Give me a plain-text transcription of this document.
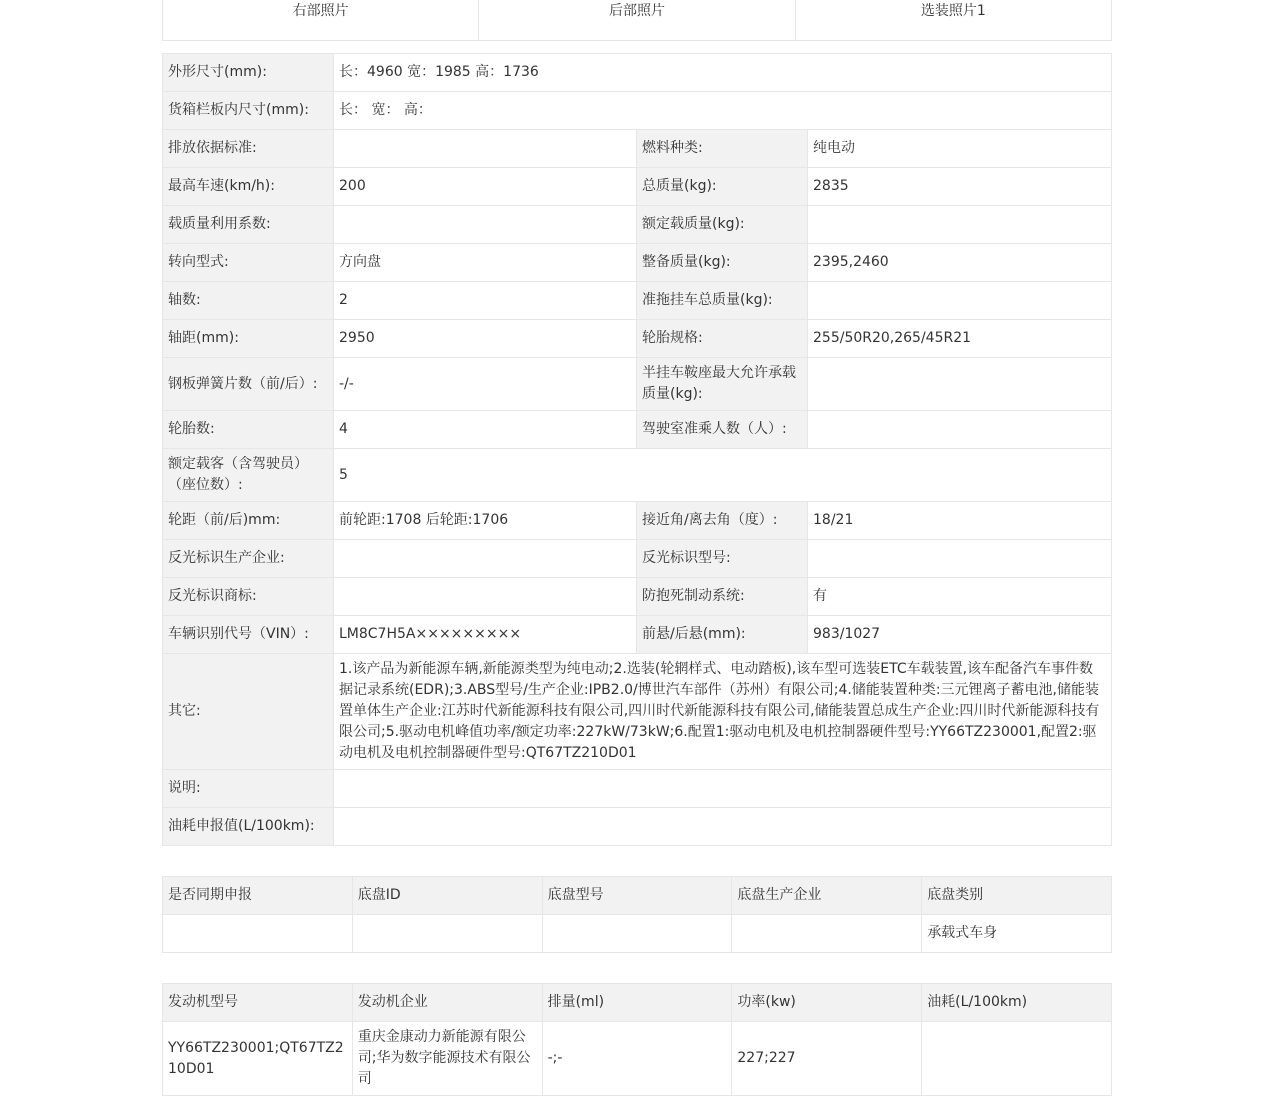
右部照片	后部照片	选装照片1
外形尺寸(mm):	长：4960 宽：1985 高：1736		
货箱栏板内尺寸(mm):	长： 宽： 高：		
排放依据标准:		燃料种类:	纯电动
最高车速(km/h):	200	总质量(kg):	2835
载质量利用系数:		额定载质量(kg):	
转向型式:	方向盘	整备质量(kg):	2395,2460
轴数:	2	准拖挂车总质量(kg):	
轴距(mm):	2950	轮胎规格:	255/50R20,265/45R21
钢板弹簧片数（前/后）:	-/-	半挂车鞍座最大允许承载质量(kg):	
轮胎数:	4	驾驶室准乘人数（人）:	
额定载客（含驾驶员）（座位数）:	5		
轮距（前/后)mm:	前轮距:1708 后轮距:1706	接近角/离去角（度）:	18/21
反光标识生产企业:		反光标识型号:	
反光标识商标:		防抱死制动系统:	有
车辆识别代号（VIN）:	LM8C7H5A×××××××××	前悬/后悬(mm):	983/1027
其它:	1.该产品为新能源车辆,新能源类型为纯电动;2.选装(轮辋样式、电动踏板),该车型可选装ETC车载装置,该车配备汽车事件数据记录系统(EDR);3.ABS型号/生产企业:IPB2.0/博世汽车部件（苏州）有限公司;4.储能装置种类:三元锂离子蓄电池,储能装置单体生产企业:江苏时代新能源科技有限公司,四川时代新能源科技有限公司,储能装置总成生产企业:四川时代新能源科技有限公司;5.驱动电机峰值功率/额定功率:227kW/73kW;6.配置1:驱动电机及电机控制器硬件型号:YY66TZ230001,配置2:驱动电机及电机控制器硬件型号:QT67TZ210D01		
说明:			
油耗申报值(L/100km):			
是否同期申报	底盘ID	底盘型号	底盘生产企业	底盘类别
				承载式车身
发动机型号	发动机企业	排量(ml)	功率(kw)	油耗(L/100km)
YY66TZ230001;QT67TZ210D01	重庆金康动力新能源有限公司;华为数字能源技术有限公司	-;-	227;227	
